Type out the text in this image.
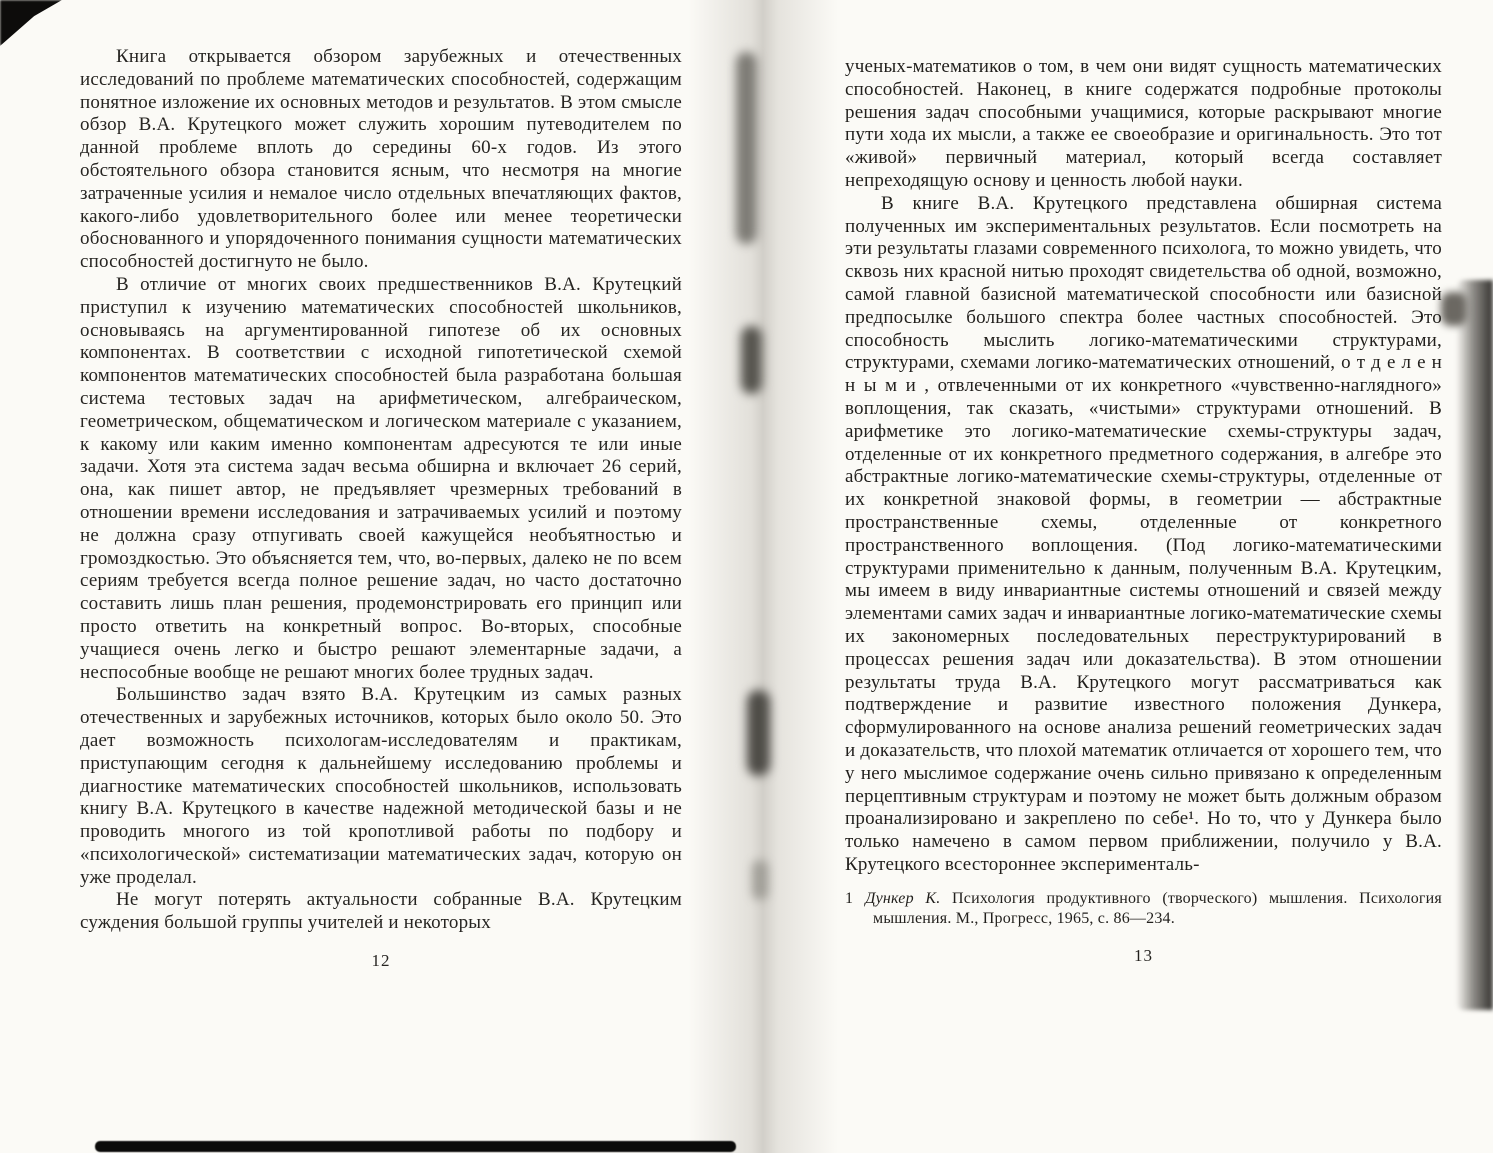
Книга открывается обзором зарубежных и отечественных исследований по проблеме математических способностей, содержащим понятное изложение их основных методов и результатов. В этом смысле обзор В.А. Крутецкого может служить хорошим путеводителем по данной проблеме вплоть до середины 60-х годов. Из этого обстоятельного обзора становится ясным, что несмотря на многие затраченные усилия и немалое число отдельных впечатляющих фактов, какого-либо удовлетворительного более или менее теоретически обоснованного и упорядоченного понимания сущности математических способностей достигнуто не было.

В отличие от многих своих предшественников В.А. Крутецкий приступил к изучению математических способностей школьников, основываясь на аргументированной гипотезе об их основных компонентах. В соответствии с исходной гипотетической схемой компонентов математических способностей была разработана большая система тестовых задач на арифметическом, алгебраическом, геометрическом, общематическом и логическом материале с указанием, к какому или каким именно компонентам адресуются те или иные задачи. Хотя эта система задач весьма обширна и включает 26 серий, она, как пишет автор, не предъявляет чрезмерных требований в отношении времени исследования и затрачиваемых усилий и поэтому не должна сразу отпугивать своей кажущейся необъятностью и громоздкостью. Это объясняется тем, что, во-первых, далеко не по всем сериям требуется всегда полное решение задач, но часто достаточно составить лишь план решения, продемонстрировать его принцип или просто ответить на конкретный вопрос. Во-вторых, способные учащиеся очень легко и быстро решают элементарные задачи, а неспособные вообще не решают многих более трудных задач.

Большинство задач взято В.А. Крутецким из самых разных отечественных и зарубежных источников, которых было около 50. Это дает возможность психологам-исследователям и практикам, приступающим сегодня к дальнейшему исследованию проблемы и диагностике математических способностей школьников, использовать книгу В.А. Крутецкого в качестве надежной методической базы и не проводить многого из той кропотливой работы по подбору и «психологической» систематизации математических задач, которую он уже проделал.

Не могут потерять актуальности собранные В.А. Крутецким суждения большой группы учителей и некоторых

12

ученых-математиков о том, в чем они видят сущность математических способностей. Наконец, в книге содержатся подробные протоколы решения задач способными учащимися, которые раскрывают многие пути хода их мысли, а также ее своеобразие и оригинальность. Это тот «живой» первичный материал, который всегда составляет непреходящую основу и ценность любой науки.

В книге В.А. Крутецкого представлена обширная система полученных им экспериментальных результатов. Если посмотреть на эти результаты глазами современного психолога, то можно увидеть, что сквозь них красной нитью проходят свидетельства об одной, возможно, самой главной базисной математической способности или базисной предпосылке большого спектра более частных способностей. Это способность мыслить логико-математическими структурами, структурами, схемами логико-математических отношений, о т д е л е н н ы м и , отвлеченными от их конкретного «чувственно-наглядного» воплощения, так сказать, «чистыми» структурами отношений. В арифметике это логико-математические схемы-структуры задач, отделенные от их конкретного предметного содержания, в алгебре это абстрактные логико-математические схемы-структуры, отделенные от их конкретной знаковой формы, в геометрии — абстрактные пространственные схемы, отделенные от конкретного пространственного воплощения. (Под логико-математическими структурами применительно к данным, полученным В.А. Крутецким, мы имеем в виду инвариантные системы отношений и связей между элементами самих задач и инвариантные логико-математические схемы их закономерных последовательных переструктурирований в процессах решения задач или доказательства). В этом отношении результаты труда В.А. Крутецкого могут рассматриваться как подтверждение и развитие известного положения Дункера, сформулированного на основе анализа решений геометрических задач и доказательств, что плохой математик отличается от хорошего тем, что у него мыслимое содержание очень сильно привязано к определенным перцептивным структурам и поэтому не может быть должным образом проанализировано и закреплено по себе¹. Но то, что у Дункера было только намечено в самом первом приближении, получило у В.А. Крутецкого всестороннее эксперименталь-

1 Дункер К. Психология продуктивного (творческого) мышления. Психология мышления. М., Прогресс, 1965, с. 86—234.
13
